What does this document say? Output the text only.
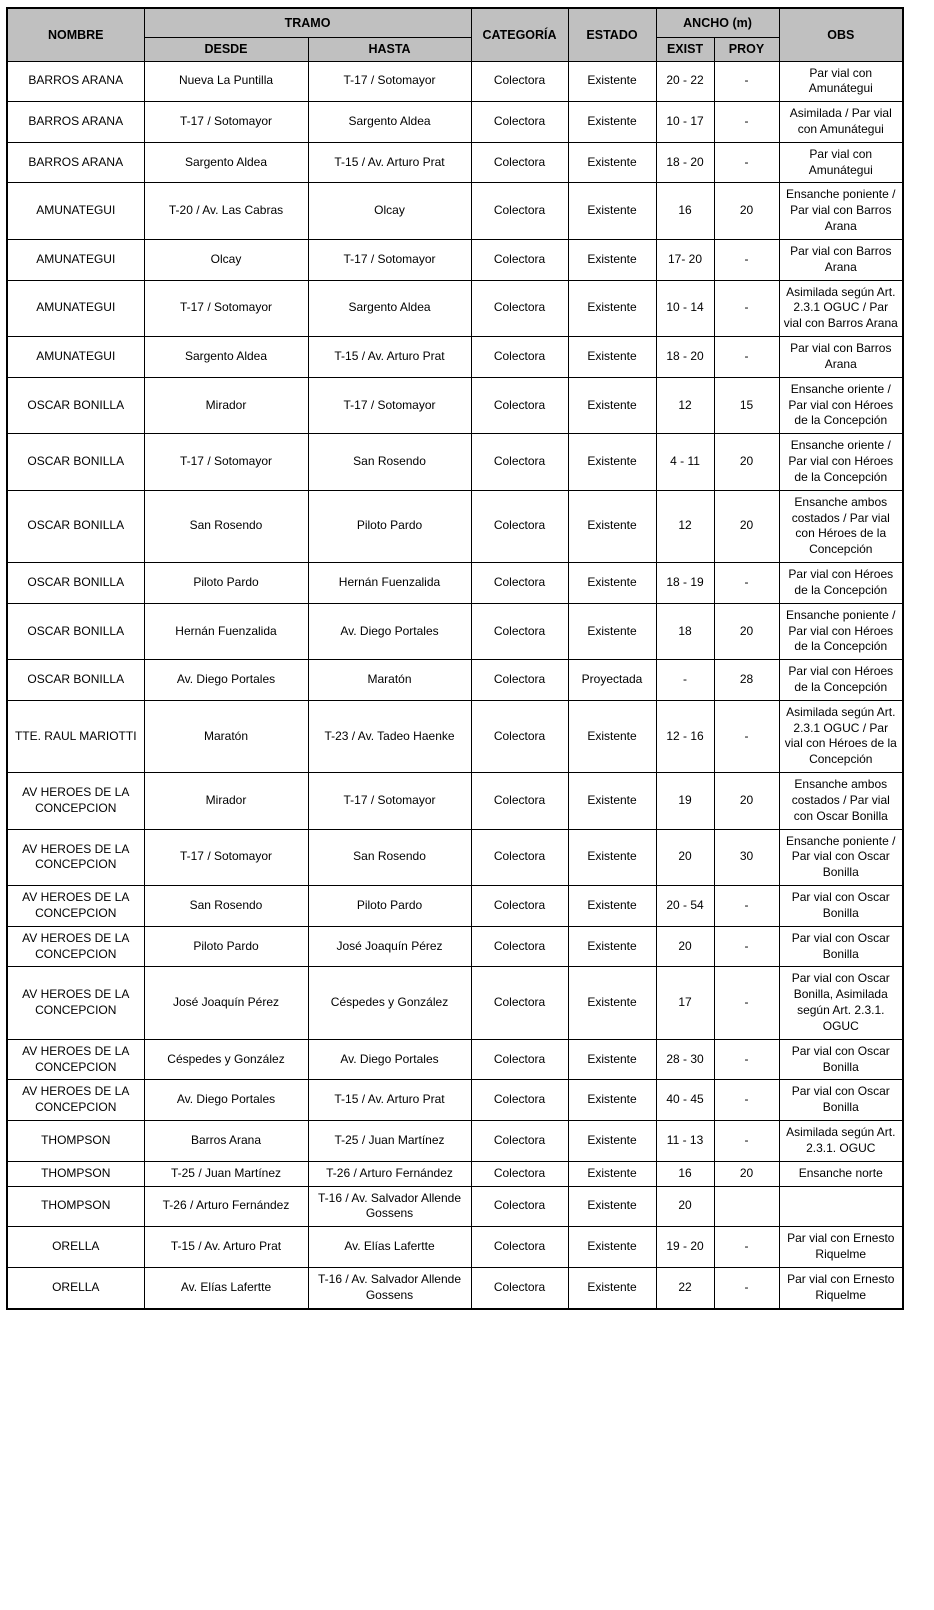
NOMBRE	TRAMO		CATEGORÍA	ESTADO	ANCHO (m)		OBS
	DESDE	HASTA			EXIST	PROY	
BARROS ARANA	Nueva La Puntilla	T-17 / Sotomayor	Colectora	Existente	20 - 22	-	Par vial con Amunátegui
BARROS ARANA	T-17 / Sotomayor	Sargento Aldea	Colectora	Existente	10 - 17	-	Asimilada / Par vial con Amunátegui
BARROS ARANA	Sargento Aldea	T-15 / Av. Arturo Prat	Colectora	Existente	18 - 20	-	Par vial con Amunátegui
AMUNATEGUI	T-20 / Av. Las Cabras	Olcay	Colectora	Existente	16	20	Ensanche poniente / Par vial con Barros Arana
AMUNATEGUI	Olcay	T-17 / Sotomayor	Colectora	Existente	17- 20	-	Par vial con Barros Arana
AMUNATEGUI	T-17 / Sotomayor	Sargento Aldea	Colectora	Existente	10 - 14	-	Asimilada según Art. 2.3.1 OGUC / Par vial con Barros Arana
AMUNATEGUI	Sargento Aldea	T-15 / Av. Arturo Prat	Colectora	Existente	18 - 20	-	Par vial con Barros Arana
OSCAR BONILLA	Mirador	T-17 / Sotomayor	Colectora	Existente	12	15	Ensanche oriente / Par vial con Héroes de la Concepción
OSCAR BONILLA	T-17 / Sotomayor	San Rosendo	Colectora	Existente	4 - 11	20	Ensanche oriente / Par vial con Héroes de la Concepción
OSCAR BONILLA	San Rosendo	Piloto Pardo	Colectora	Existente	12	20	Ensanche ambos costados / Par vial con Héroes de la Concepción
OSCAR BONILLA	Piloto Pardo	Hernán Fuenzalida	Colectora	Existente	18 - 19	-	Par vial con Héroes de la Concepción
OSCAR BONILLA	Hernán Fuenzalida	Av. Diego Portales	Colectora	Existente	18	20	Ensanche poniente / Par vial con Héroes de la Concepción
OSCAR BONILLA	Av. Diego Portales	Maratón	Colectora	Proyectada	-	28	Par vial con Héroes de la Concepción
TTE. RAUL MARIOTTI	Maratón	T-23 / Av. Tadeo Haenke	Colectora	Existente	12 - 16	-	Asimilada según Art. 2.3.1 OGUC / Par vial con Héroes de la Concepción
AV HEROES DE LA CONCEPCION	Mirador	T-17 / Sotomayor	Colectora	Existente	19	20	Ensanche ambos costados / Par vial con Oscar Bonilla
AV HEROES DE LA CONCEPCION	T-17 / Sotomayor	San Rosendo	Colectora	Existente	20	30	Ensanche poniente / Par vial con Oscar Bonilla
AV HEROES DE LA CONCEPCION	San Rosendo	Piloto Pardo	Colectora	Existente	20 - 54	-	Par vial con Oscar Bonilla
AV HEROES DE LA CONCEPCION	Piloto Pardo	José Joaquín Pérez	Colectora	Existente	20	-	Par vial con Oscar Bonilla
AV HEROES DE LA CONCEPCION	José Joaquín Pérez	Céspedes y González	Colectora	Existente	17	-	Par vial con Oscar Bonilla, Asimilada según Art. 2.3.1. OGUC
AV HEROES DE LA CONCEPCION	Céspedes y González	Av. Diego Portales	Colectora	Existente	28 - 30	-	Par vial con Oscar Bonilla
AV HEROES DE LA CONCEPCION	Av. Diego Portales	T-15 / Av. Arturo Prat	Colectora	Existente	40 - 45	-	Par vial con Oscar Bonilla
THOMPSON	Barros Arana	T-25 / Juan Martínez	Colectora	Existente	11 - 13	-	Asimilada según Art. 2.3.1. OGUC
THOMPSON	T-25 / Juan Martínez	T-26 / Arturo Fernández	Colectora	Existente	16	20	Ensanche norte
THOMPSON	T-26 / Arturo Fernández	T-16 / Av. Salvador Allende Gossens	Colectora	Existente	20		
ORELLA	T-15 / Av. Arturo Prat	Av. Elías Lafertte	Colectora	Existente	19 - 20	-	Par vial con Ernesto Riquelme
ORELLA	Av. Elías Lafertte	T-16 / Av. Salvador Allende Gossens	Colectora	Existente	22	-	Par vial con Ernesto Riquelme
